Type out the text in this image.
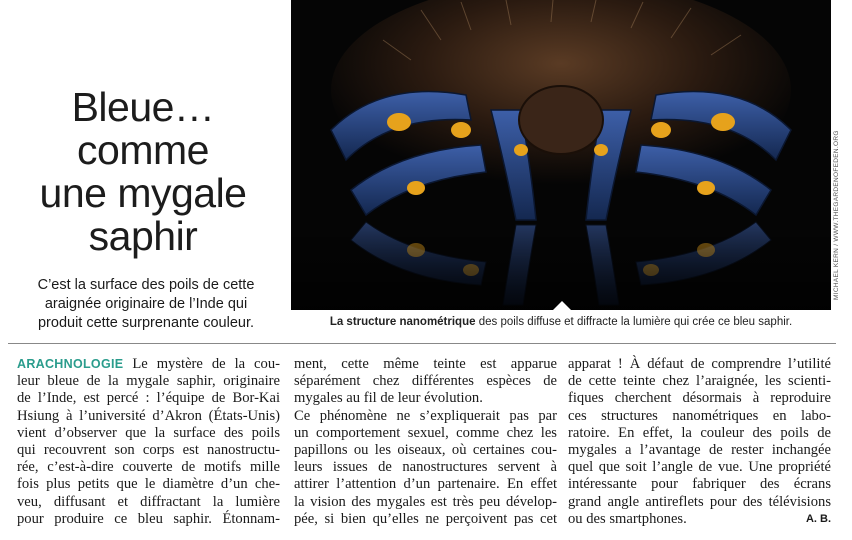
Bleue…
comme
une mygale
saphir
C’est la surface des poils de cette
araignée originaire de l’Inde qui
produit cette surprenante couleur.
MICHAEL KERN / WWW.THEGARDENOFEDEN.ORG
La structure nanométrique des poils diffuse et diffracte la lumière qui crée ce bleu saphir.
ARACHNOLOGIE Le mystère de la cou-
leur bleue de la mygale saphir, originaire
de l’Inde, est percé : l’équipe de Bor-Kai
Hsiung à l’université d’Akron (États-Unis)
vient d’observer que la surface des poils
qui recouvrent son corps est nanostructu-
rée, c’est-à-dire couverte de motifs mille
fois plus petits que le diamètre d’un che-
veu, diffusant et diffractant la lumière
pour produire ce bleu saphir. Étonnam-
ment, cette même teinte est apparue
séparément chez différentes espèces de
mygales au fil de leur évolution.
Ce phénomène ne s’expliquerait pas par
un comportement sexuel, comme chez les
papillons ou les oiseaux, où certaines cou-
leurs issues de nanostructures servent à
attirer l’attention d’un partenaire. En effet
la vision des mygales est très peu dévelop-
pée, si bien qu’elles ne perçoivent pas cet
apparat ! À défaut de comprendre l’utilité
de cette teinte chez l’araignée, les scienti-
fiques cherchent désormais à reproduire
ces structures nanométriques en labo-
ratoire. En effet, la couleur des poils de
mygales a l’avantage de rester inchangée
quel que soit l’angle de vue. Une propriété
intéressante pour fabriquer des écrans
grand angle antireflets pour des télévisions
ou des smartphones.	A. B.
